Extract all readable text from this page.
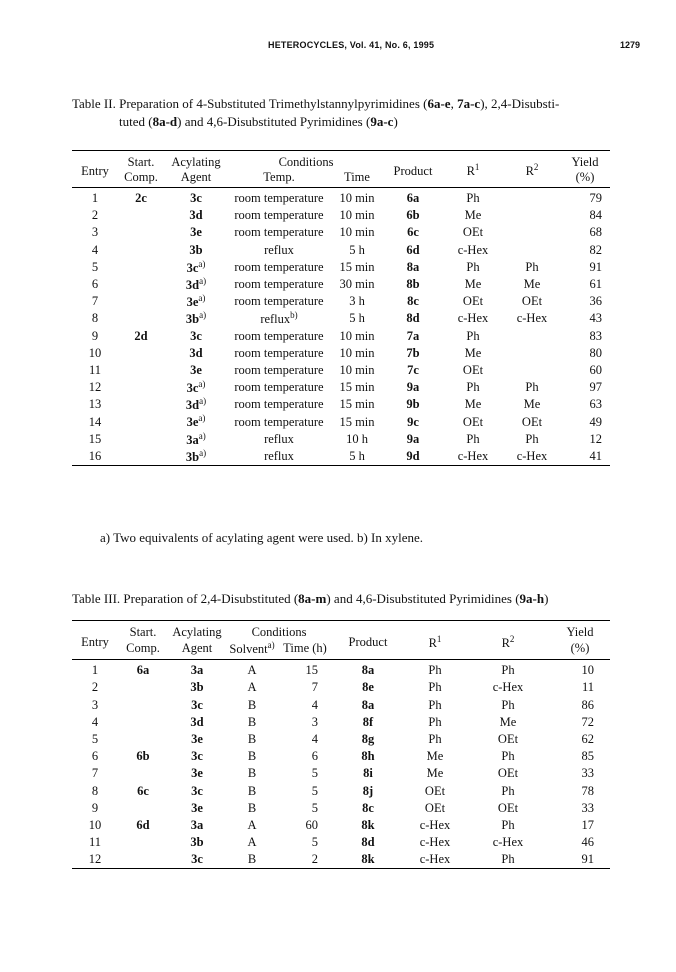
HETEROCYCLES, Vol. 41, No. 6, 1995	1279
Table II. Preparation of 4-Substituted Trimethylstannylpyrimidines (6a-e, 7a-c), 2,4-Disubsti-
tuted (8a-d) and 4,6-Disubstituted Pyrimidines (9a-c)
Entry	Start.	Acylating	Conditions		Product	$R^1$	$R^2$	Yield
	Comp.	Agent	Temp.	Time				(%)
1	2c	3c	room temperature	10 min	6a	Ph		79
2		3d	room temperature	10 min	6b	Me		84
3		3e	room temperature	10 min	6c	OEt		68
4		3b	reflux	5 h	6d	c-Hex		82
5		$3c^{a)}$	room temperature	15 min	8a	Ph	Ph	91
6		$3d^{a)}$	room temperature	30 min	8b	Me	Me	61
7		$3e^{a)}$	room temperature	3 h	8c	OEt	OEt	36
8		$3b^{a)}$	reflux$^{b)}$	5 h	8d	c-Hex	c-Hex	43
9	2d	3c	room temperature	10 min	7a	Ph		83
10		3d	room temperature	10 min	7b	Me		80
11		3e	room temperature	10 min	7c	OEt		60
12		$3c^{a)}$	room temperature	15 min	9a	Ph	Ph	97
13		$3d^{a)}$	room temperature	15 min	9b	Me	Me	63
14		$3e^{a)}$	room temperature	15 min	9c	OEt	OEt	49
15		$3a^{a)}$	reflux	10 h	9a	Ph	Ph	12
16		$3b^{a)}$	reflux	5 h	9d	c-Hex	c-Hex	41
a) Two equivalents of acylating agent were used. b) In xylene.
Table III. Preparation of 2,4-Disubstituted (8a-m) and 4,6-Disubstituted Pyrimidines (9a-h)
Entry	Start.	Acylating	Conditions		Product	$R^1$	$R^2$	Yield
	Comp.	Agent	Solvent$^{a)}$	Time (h)				(%)
1	6a	3a	A	15	8a	Ph	Ph	10
2		3b	A	7	8e	Ph	c-Hex	11
3		3c	B	4	8a	Ph	Ph	86
4		3d	B	3	8f	Ph	Me	72
5		3e	B	4	8g	Ph	OEt	62
6	6b	3c	B	6	8h	Me	Ph	85
7		3e	B	5	8i	Me	OEt	33
8	6c	3c	B	5	8j	OEt	Ph	78
9		3e	B	5	8c	OEt	OEt	33
10	6d	3a	A	60	8k	c-Hex	Ph	17
11		3b	A	5	8d	c-Hex	c-Hex	46
12		3c	B	2	8k	c-Hex	Ph	91
